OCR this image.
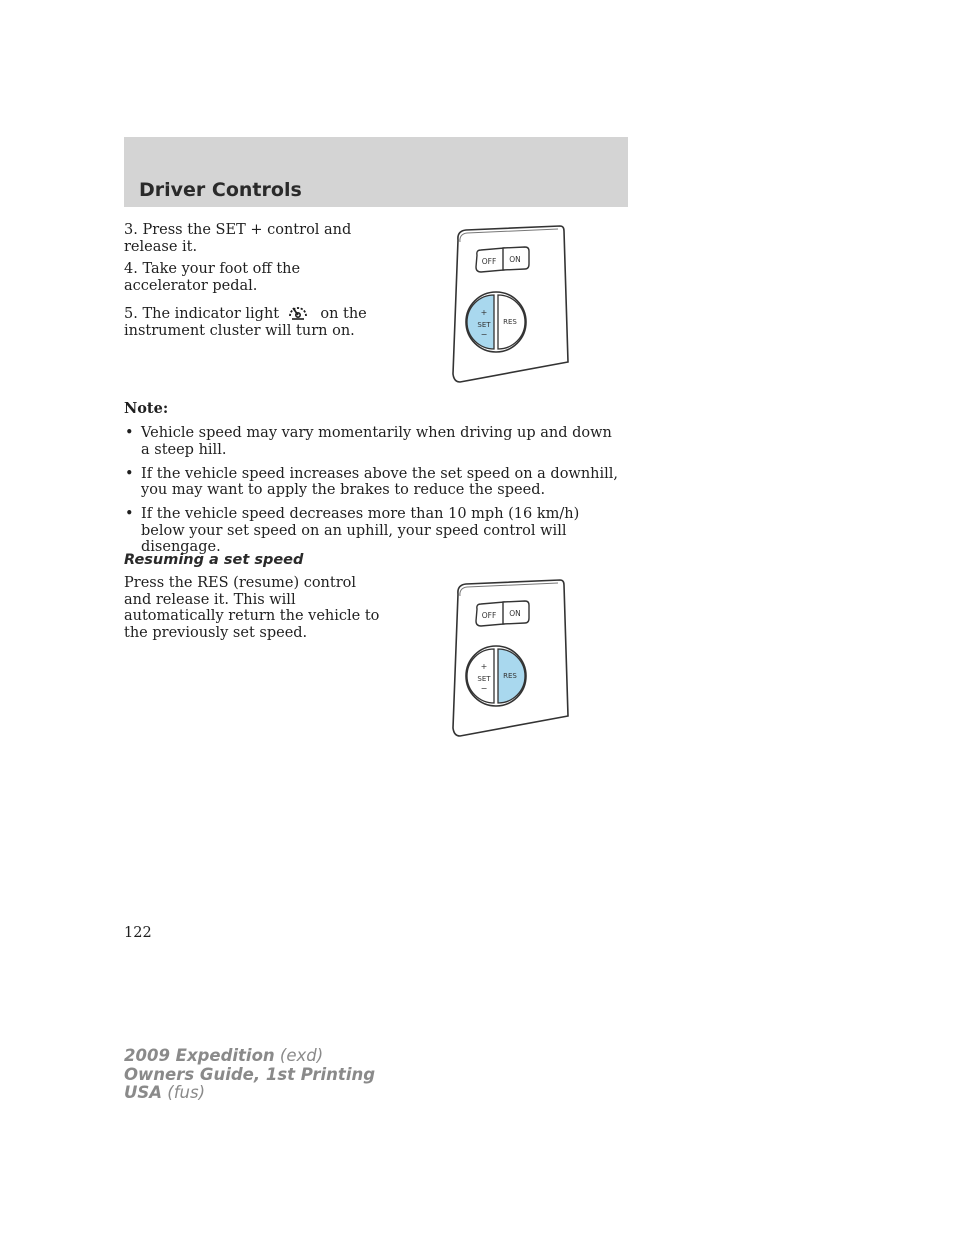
Driver Controls

3. Press the SET + control and release it.

4. Take your foot off the accelerator pedal.

5. The indicator light	on the instrument cluster will turn on.

OFF ON
+
SET
−
RES

Note:

• Vehicle speed may vary momentarily when driving up and down a steep hill.
• If the vehicle speed increases above the set speed on a downhill, you may want to apply the brakes to reduce the speed.
• If the vehicle speed decreases more than 10 mph (16 km/h) below your set speed on an uphill, your speed control will disengage.
Resuming a set speed

Press the RES (resume) control and release it. This will automatically return the vehicle to the previously set speed.

OFF ON
+
SET
−
RES

122

2009 Expedition (exd)
Owners Guide, 1st Printing
USA (fus)
